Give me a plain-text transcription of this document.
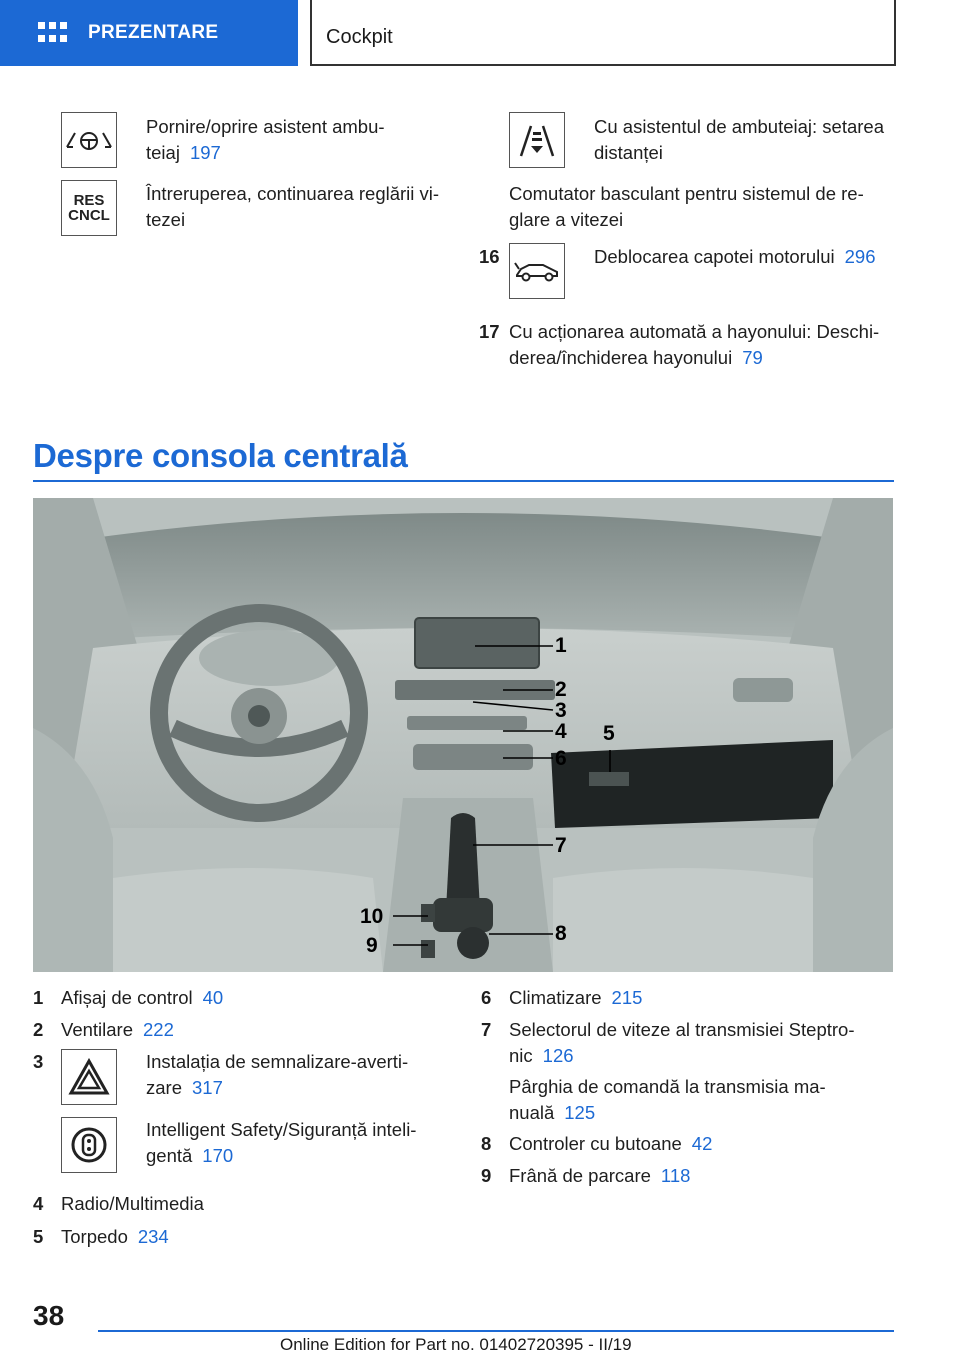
PREZENTARE	Cockpit
Pornire/oprire asistent ambu-
teiaj 197
RES
CNCL
Întreruperea, continuarea reglării vi-
tezei
Cu asistentul de ambuteiaj: setarea
distanței
Comutator basculant pentru sistemul de re-
glare a vitezei
16	Deblocarea capotei motorului 296
17 Cu acționarea automată a hayonului: Deschi-
derea/închiderea hayonului 79
Despre consola centrală
1
2
3
4 5
6
7
8
9
10
1 Afișaj de control 40
2 Ventilare 222
3	Instalația de semnalizare-averti-
zare 317
Intelligent Safety/Siguranță inteli-
gentă 170
4 Radio/Multimedia
5 Torpedo 234
6 Climatizare 215
7 Selectorul de viteze al transmisiei Steptro-
nic 126
Pârghia de comandă la transmisia ma-
nuală 125
8 Controler cu butoane 42
9 Frână de parcare 118
38
Online Edition for Part no. 01402720395 - II/19
